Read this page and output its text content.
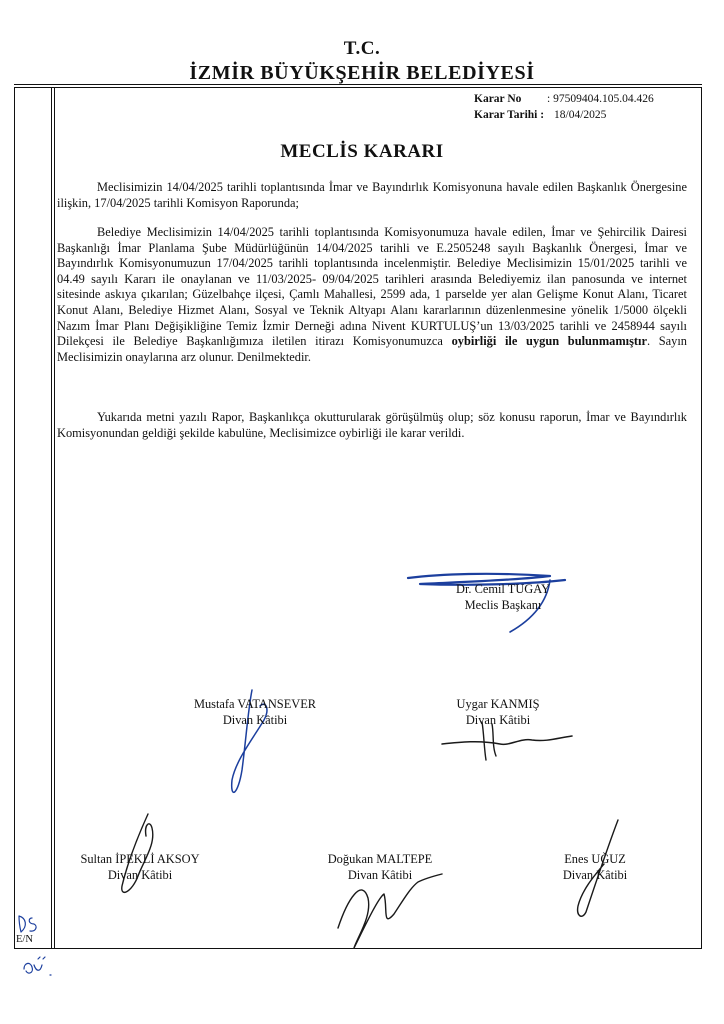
T.C.
İZMİR BÜYÜKŞEHİR BELEDİYESİ
Karar No : 97509404.105.04.426
Karar Tarihi : 18/04/2025
MECLİS KARARI

Meclisimizin 14/04/2025 tarihli toplantısında İmar ve Bayındırlık Komisyonuna havale edilen Başkanlık Önergesine ilişkin, 17/04/2025 tarihli Komisyon Raporunda;

Belediye Meclisimizin 14/04/2025 tarihli toplantısında Komisyonumuza havale edilen, İmar ve Şehircilik Dairesi Başkanlığı İmar Planlama Şube Müdürlüğünün 14/04/2025 tarihli ve E.2505248 sayılı Başkanlık Önergesi, İmar ve Bayındırlık Komisyonumuzun 17/04/2025 tarihli toplantısında incelenmiştir. Belediye Meclisimizin 15/01/2025 tarihli ve 04.49 sayılı Kararı ile onaylanan ve 11/03/2025- 09/04/2025 tarihleri arasında Belediyemiz ilan panosunda ve internet sitesinde askıya çıkarılan; Güzelbahçe ilçesi, Çamlı Mahallesi, 2599 ada, 1 parselde yer alan Gelişme Konut Alanı, Ticaret Konut Alanı, Belediye Hizmet Alanı, Sosyal ve Teknik Altyapı Alanı kararlarının düzenlenmesine yönelik 1/5000 ölçekli Nazım İmar Planı Değişikliğine Temiz İzmir Derneği adına Nivent KURTULUŞ’un 13/03/2025 tarihli ve 2458944 sayılı Dilekçesi ile Belediye Başkanlığımıza iletilen itirazı Komisyonumuzca oybirliği ile uygun bulunmamıştır. Sayın Meclisimizin onaylarına arz olunur. Denilmektedir.

Yukarıda metni yazılı Rapor, Başkanlıkça okutturularak görüşülmüş olup; söz konusu raporun, İmar ve Bayındırlık Komisyonundan geldiği şekilde kabulüne, Meclisimizce oybirliği ile karar verildi.

Dr. Cemil TUGAY
Meclis Başkanı
Mustafa VATANSEVER
Divan Kâtibi
Uygar KANMIŞ
Divan Kâtibi
Sultan İPEKLİ AKSOY
Divan Kâtibi
Doğukan MALTEPE
Divan Kâtibi
Enes UĞUZ
Divan Kâtibi
E/N
